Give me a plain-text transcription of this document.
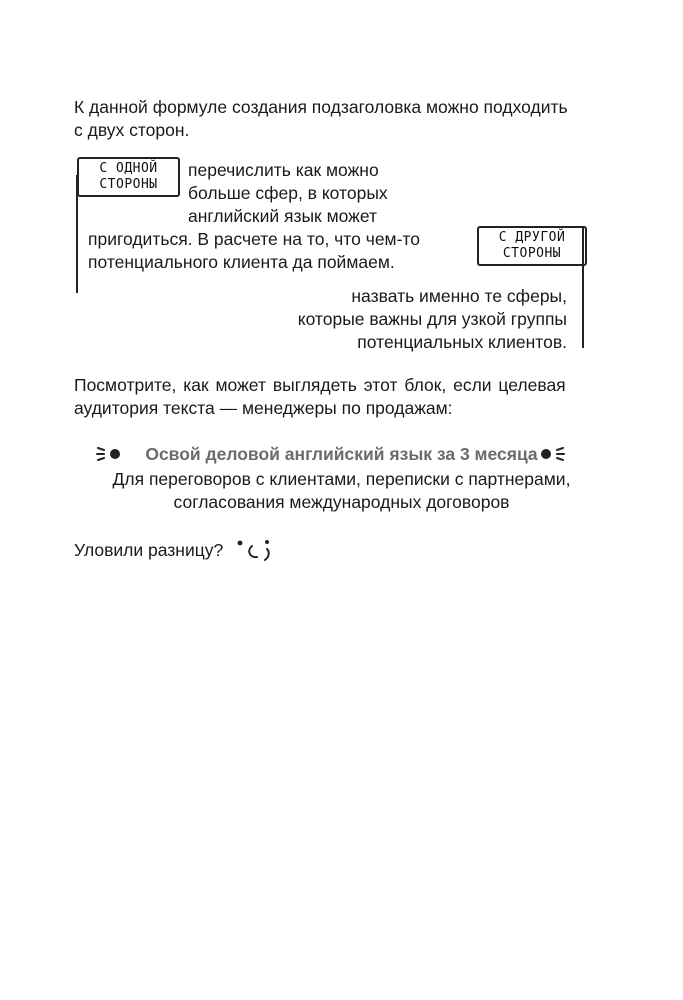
К данной формуле создания подзаголовка можно подходить

с двух сторон.

С ОДНОЙ
СТОРОНЫ

перечислить как можно

больше сфер, в которых

английский язык может

пригодиться. В расчете на то, что чем-то

потенциального клиента да поймаем.

С ДРУГОЙ
СТОРОНЫ

назвать именно те сферы,

которые важны для узкой группы

потенциальных клиентов.

Посмотрите, как может выглядеть этот блок, если целевая

аудитория текста — менеджеры по продажам:

Освой деловой английский язык за 3 месяца

Для переговоров с клиентами, переписки с партнерами,

согласования международных договоров

Уловили разницу?
